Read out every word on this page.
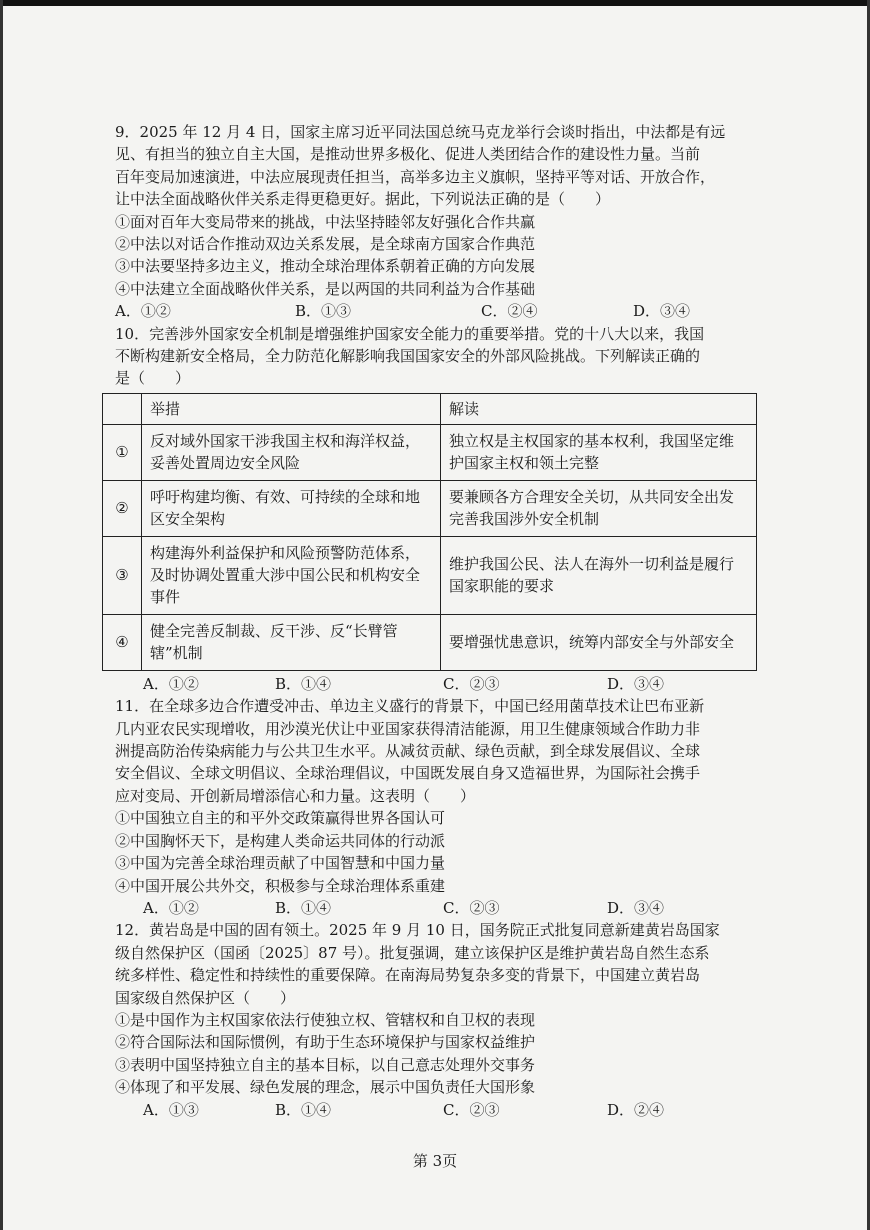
9．2025 年 12 月 4 日，国家主席习近平同法国总统马克龙举行会谈时指出，中法都是有远
见、有担当的独立自主大国，是推动世界多极化、促进人类团结合作的建设性力量。当前
百年变局加速演进，中法应展现责任担当，高举多边主义旗帜，坚持平等对话、开放合作，
让中法全面战略伙伴关系走得更稳更好。据此，下列说法正确的是（　　）
①面对百年大变局带来的挑战，中法坚持睦邻友好强化合作共赢
②中法以对话合作推动双边关系发展，是全球南方国家合作典范
③中法要坚持多边主义，推动全球治理体系朝着正确的方向发展
④中法建立全面战略伙伴关系，是以两国的共同利益为合作基础
A．①②	B．①③	C．②④	D．③④
10．完善涉外国家安全机制是增强维护国家安全能力的重要举措。党的十八大以来，我国
不断构建新安全格局，全力防范化解影响我国国家安全的外部风险挑战。下列解读正确的
是（　　）
	举措	解读
①	反对域外国家干涉我国主权和海洋权益，妥善处置周边安全风险	独立权是主权国家的基本权利，我国坚定维护国家主权和领土完整
②	呼吁构建均衡、有效、可持续的全球和地区安全架构	要兼顾各方合理安全关切，从共同安全出发完善我国涉外安全机制
③	构建海外利益保护和风险预警防范体系，及时协调处置重大涉中国公民和机构安全事件	维护我国公民、法人在海外一切利益是履行国家职能的要求
④	健全完善反制裁、反干涉、反“长臂管辖”机制	要增强忧患意识，统筹内部安全与外部安全
A．①②	B．①④	C．②③	D．③④
11．在全球多边合作遭受冲击、单边主义盛行的背景下，中国已经用菌草技术让巴布亚新
几内亚农民实现增收，用沙漠光伏让中亚国家获得清洁能源，用卫生健康领域合作助力非
洲提高防治传染病能力与公共卫生水平。从减贫贡献、绿色贡献，到全球发展倡议、全球
安全倡议、全球文明倡议、全球治理倡议，中国既发展自身又造福世界，为国际社会携手
应对变局、开创新局增添信心和力量。这表明（　　）
①中国独立自主的和平外交政策赢得世界各国认可
②中国胸怀天下，是构建人类命运共同体的行动派
③中国为完善全球治理贡献了中国智慧和中国力量
④中国开展公共外交，积极参与全球治理体系重建
A．①②	B．①④	C．②③	D．③④
12．黄岩岛是中国的固有领土。2025 年 9 月 10 日，国务院正式批复同意新建黄岩岛国家
级自然保护区（国函〔2025〕87 号）。批复强调，建立该保护区是维护黄岩岛自然生态系
统多样性、稳定性和持续性的重要保障。在南海局势复杂多变的背景下，中国建立黄岩岛
国家级自然保护区（　　）
①是中国作为主权国家依法行使独立权、管辖权和自卫权的表现
②符合国际法和国际惯例，有助于生态环境保护与国家权益维护
③表明中国坚持独立自主的基本目标，以自己意志处理外交事务
④体现了和平发展、绿色发展的理念，展示中国负责任大国形象
A．①③	B．①④	C．②③	D．②④
第 3页
